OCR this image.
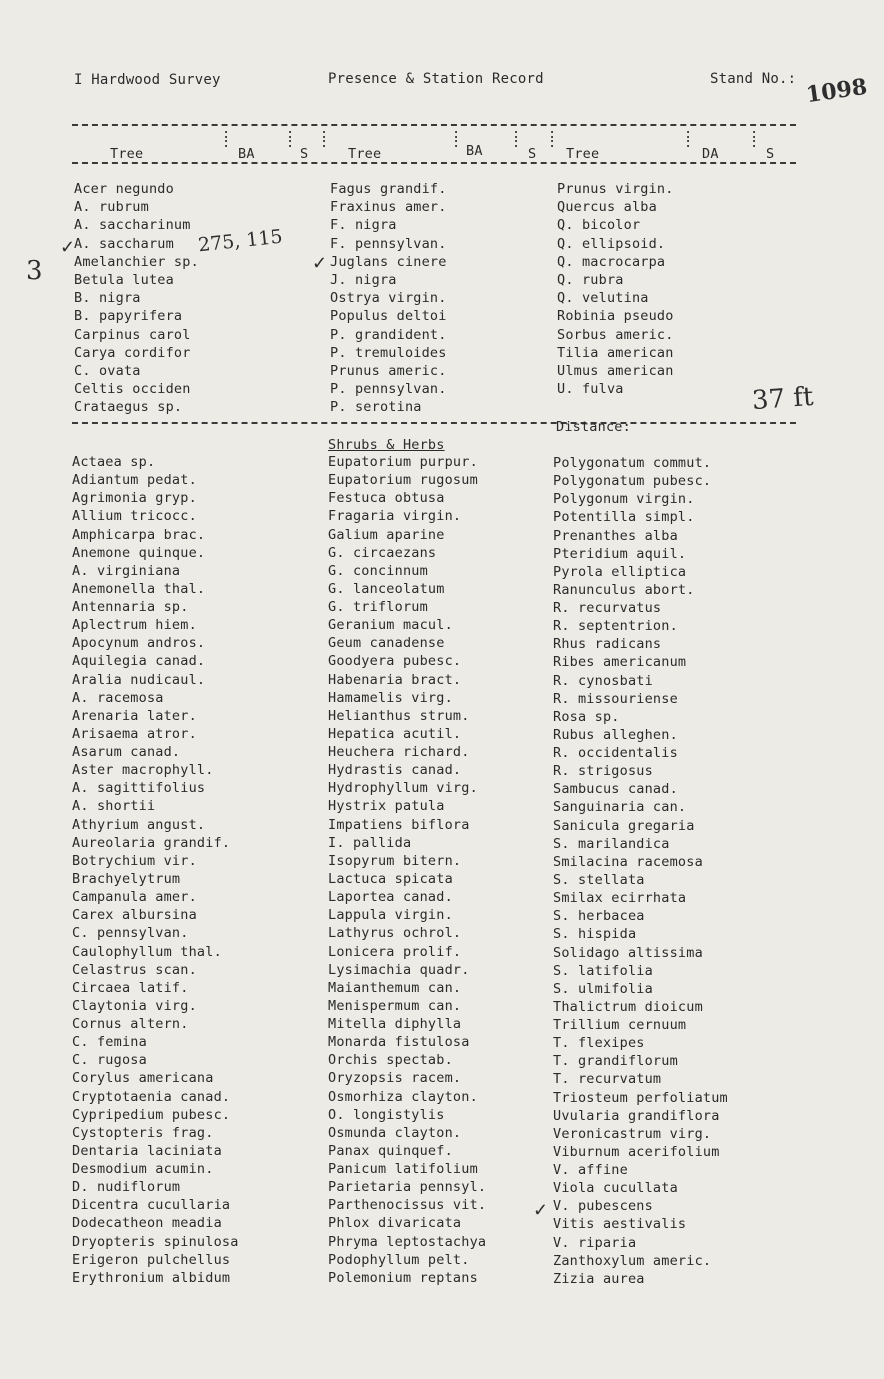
I Hardwood Survey	Presence & Station Record	Stand No.: 1098
Tree
:
:
BA
:
:
S
:
:
Tree
:
: BA
:
:
S
:
:
Tree
:
:
DA
:
:
S
Acer negundo
A. rubrum
A. saccharinum
A. saccharum
Amelanchier sp.
Betula lutea
B. nigra
B. papyrifera
Carpinus carol
Carya cordifor
C. ovata
Celtis occiden
Crataegus sp.
Fagus grandif.
Fraxinus amer.
F. nigra
F. pennsylvan.
Juglans cinere
J. nigra
Ostrya virgin.
Populus deltoi
P. grandident.
P. tremuloides
Prunus americ.
P. pennsylvan.
P. serotina
Prunus virgin.
Quercus alba
Q. bicolor
Q. ellipsoid.
Q. macrocarpa
Q. rubra
Q. velutina
Robinia pseudo
Sorbus americ.
Tilia american
Ulmus american
U. fulva
Distance:
Shrubs & Herbs
Actaea sp.
Adiantum pedat.
Agrimonia gryp.
Allium tricocc.
Amphicarpa brac.
Anemone quinque.
A. virginiana
Anemonella thal.
Antennaria sp.
Aplectrum hiem.
Apocynum andros.
Aquilegia canad.
Aralia nudicaul.
A. racemosa
Arenaria later.
Arisaema atror.
Asarum canad.
Aster macrophyll.
A. sagittifolius
A. shortii
Athyrium angust.
Aureolaria grandif.
Botrychium vir.
Brachyelytrum
Campanula amer.
Carex albursina
C. pennsylvan.
Caulophyllum thal.
Celastrus scan.
Circaea latif.
Claytonia virg.
Cornus altern.
C. femina
C. rugosa
Corylus americana
Cryptotaenia canad.
Cypripedium pubesc.
Cystopteris frag.
Dentaria laciniata
Desmodium acumin.
D. nudiflorum
Dicentra cucullaria
Dodecatheon meadia
Dryopteris spinulosa
Erigeron pulchellus
Erythronium albidum
Eupatorium purpur.
Eupatorium rugosum
Festuca obtusa
Fragaria virgin.
Galium aparine
G. circaezans
G. concinnum
G. lanceolatum
G. triflorum
Geranium macul.
Geum canadense
Goodyera pubesc.
Habenaria bract.
Hamamelis virg.
Helianthus strum.
Hepatica acutil.
Heuchera richard.
Hydrastis canad.
Hydrophyllum virg.
Hystrix patula
Impatiens biflora
I. pallida
Isopyrum bitern.
Lactuca spicata
Laportea canad.
Lappula virgin.
Lathyrus ochrol.
Lonicera prolif.
Lysimachia quadr.
Maianthemum can.
Menispermum can.
Mitella diphylla
Monarda fistulosa
Orchis spectab.
Oryzopsis racem.
Osmorhiza clayton.
O. longistylis
Osmunda clayton.
Panax quinquef.
Panicum latifolium
Parietaria pennsyl.
Parthenocissus vit.
Phlox divaricata
Phryma leptostachya
Podophyllum pelt.
Polemonium reptans
Polygonatum commut.
Polygonatum pubesc.
Polygonum virgin.
Potentilla simpl.
Prenanthes alba
Pteridium aquil.
Pyrola elliptica
Ranunculus abort.
R. recurvatus
R. septentrion.
Rhus radicans
Ribes americanum
R. cynosbati
R. missouriense
Rosa sp.
Rubus alleghen.
R. occidentalis
R. strigosus
Sambucus canad.
Sanguinaria can.
Sanicula gregaria
S. marilandica
Smilacina racemosa
S. stellata
Smilax ecirrhata
S. herbacea
S. hispida
Solidago altissima
S. latifolia
S. ulmifolia
Thalictrum dioicum
Trillium cernuum
T. flexipes
T. grandiflorum
T. recurvatum
Triosteum perfoliatum
Uvularia grandiflora
Veronicastrum virg.
Viburnum acerifolium
V. affine
Viola cucullata
V. pubescens
Vitis aestivalis
V. riparia
Zanthoxylum americ.
Zizia aurea
275, 115
3
37 ft
✓
✓
✓
